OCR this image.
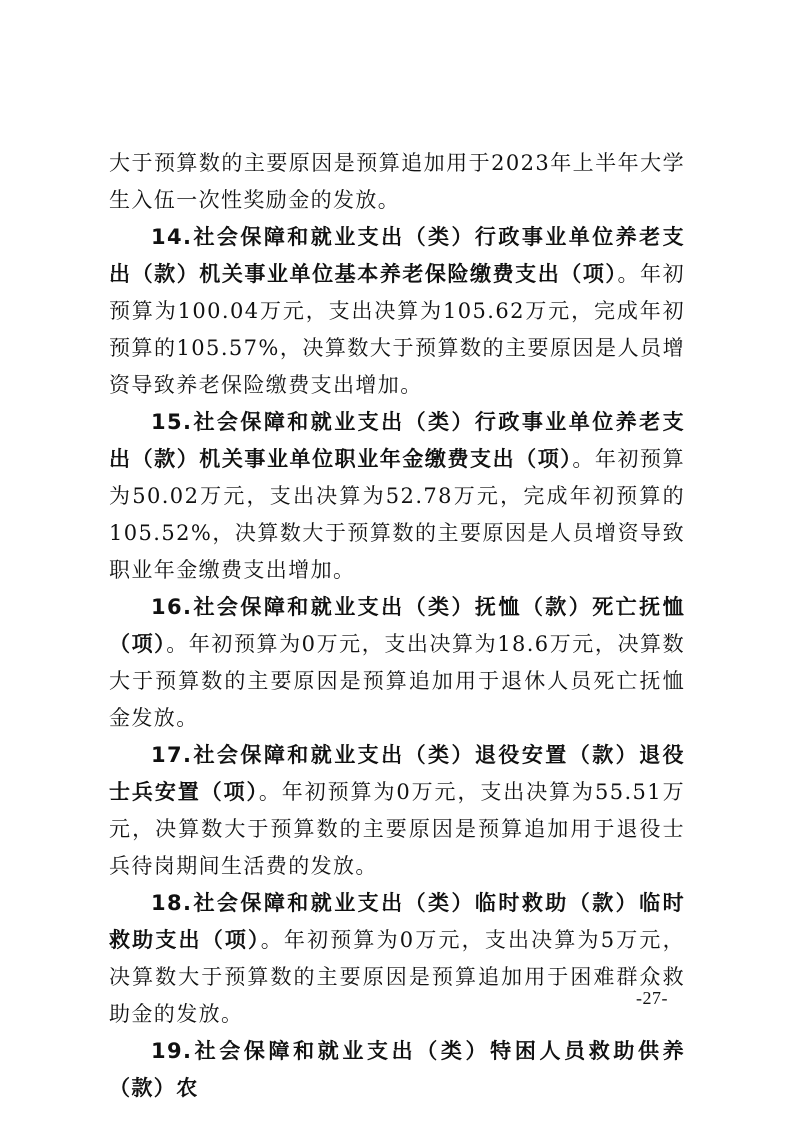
大于预算数的主要原因是预算追加用于2023年上半年大学生入伍一次性奖励金的发放。

14.社会保障和就业支出（类）行政事业单位养老支出（款）机关事业单位基本养老保险缴费支出（项）。年初预算为100.04万元，支出决算为105.62万元，完成年初预算的105.57%，决算数大于预算数的主要原因是人员增资导致养老保险缴费支出增加。

15.社会保障和就业支出（类）行政事业单位养老支出（款）机关事业单位职业年金缴费支出（项）。年初预算为50.02万元，支出决算为52.78万元，完成年初预算的105.52%，决算数大于预算数的主要原因是人员增资导致职业年金缴费支出增加。

16.社会保障和就业支出（类）抚恤（款）死亡抚恤（项）。年初预算为0万元，支出决算为18.6万元，决算数大于预算数的主要原因是预算追加用于退休人员死亡抚恤金发放。

17.社会保障和就业支出（类）退役安置（款）退役士兵安置（项）。年初预算为0万元，支出决算为55.51万元，决算数大于预算数的主要原因是预算追加用于退役士兵待岗期间生活费的发放。

18.社会保障和就业支出（类）临时救助（款）临时救助支出（项）。年初预算为0万元，支出决算为5万元，决算数大于预算数的主要原因是预算追加用于困难群众救助金的发放。

19.社会保障和就业支出（类）特困人员救助供养（款）农

-27-
